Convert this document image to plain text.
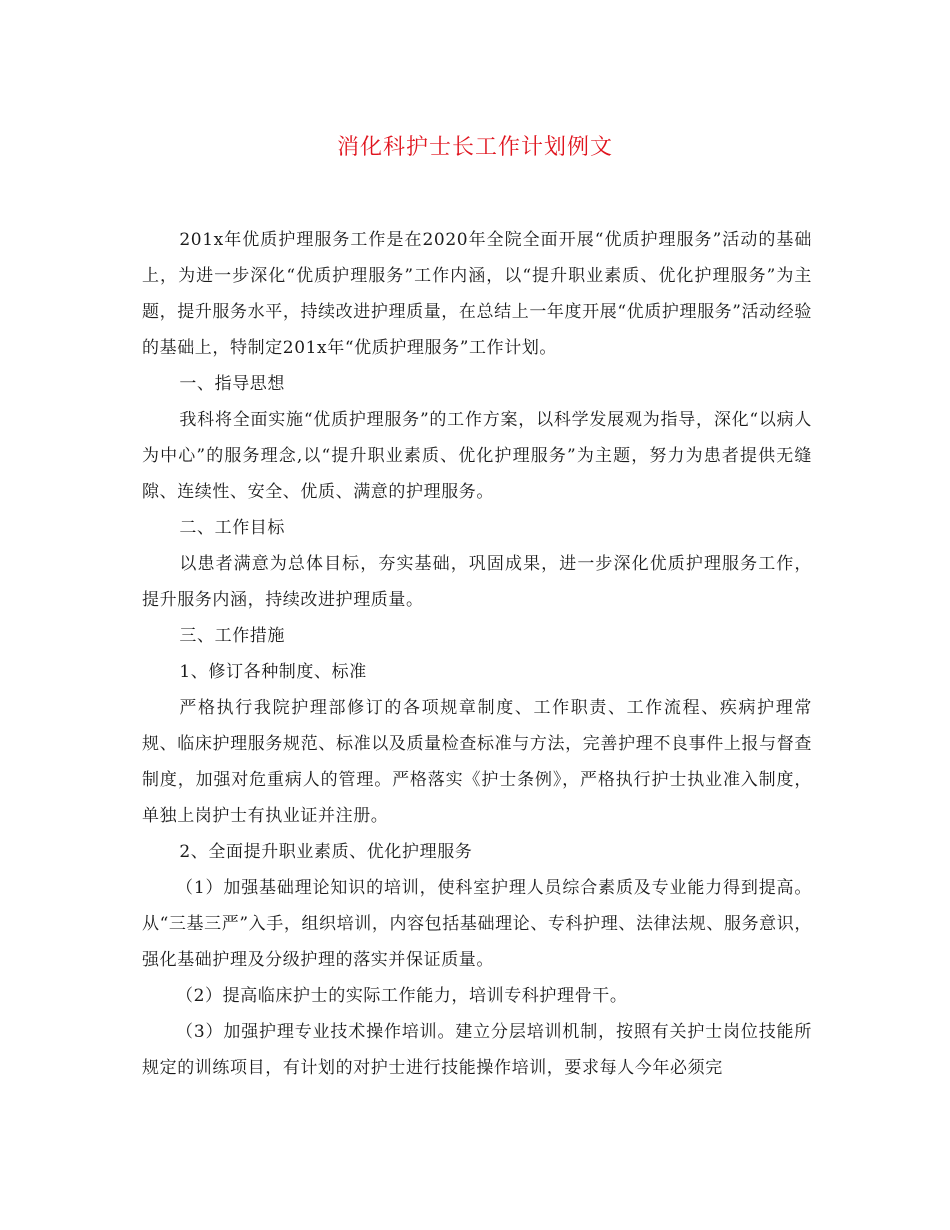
消化科护士长工作计划例文

201x年优质护理服务工作是在2020年全院全面开展“优质护理服务”活动的基础上，为进一步深化“优质护理服务”工作内涵，以“提升职业素质、优化护理服务”为主题，提升服务水平，持续改进护理质量，在总结上一年度开展“优质护理服务”活动经验的基础上，特制定201x年“优质护理服务”工作计划。

一、指导思想

我科将全面实施“优质护理服务”的工作方案，以科学发展观为指导，深化“以病人为中心”的服务理念,以“提升职业素质、优化护理服务”为主题，努力为患者提供无缝隙、连续性、安全、优质、满意的护理服务。

二、工作目标

以患者满意为总体目标，夯实基础，巩固成果，进一步深化优质护理服务工作，提升服务内涵，持续改进护理质量。

三、工作措施

1、修订各种制度、标准

严格执行我院护理部修订的各项规章制度、工作职责、工作流程、疾病护理常规、临床护理服务规范、标准以及质量检查标准与方法，完善护理不良事件上报与督查制度，加强对危重病人的管理。严格落实《护士条例》，严格执行护士执业准入制度，单独上岗护士有执业证并注册。

2、全面提升职业素质、优化护理服务

（1）加强基础理论知识的培训，使科室护理人员综合素质及专业能力得到提高。从“三基三严”入手，组织培训，内容包括基础理论、专科护理、法律法规、服务意识，强化基础护理及分级护理的落实并保证质量。

（2）提高临床护士的实际工作能力，培训专科护理骨干。

（3）加强护理专业技术操作培训。建立分层培训机制，按照有关护士岗位技能所规定的训练项目，有计划的对护士进行技能操作培训，要求每人今年必须完
